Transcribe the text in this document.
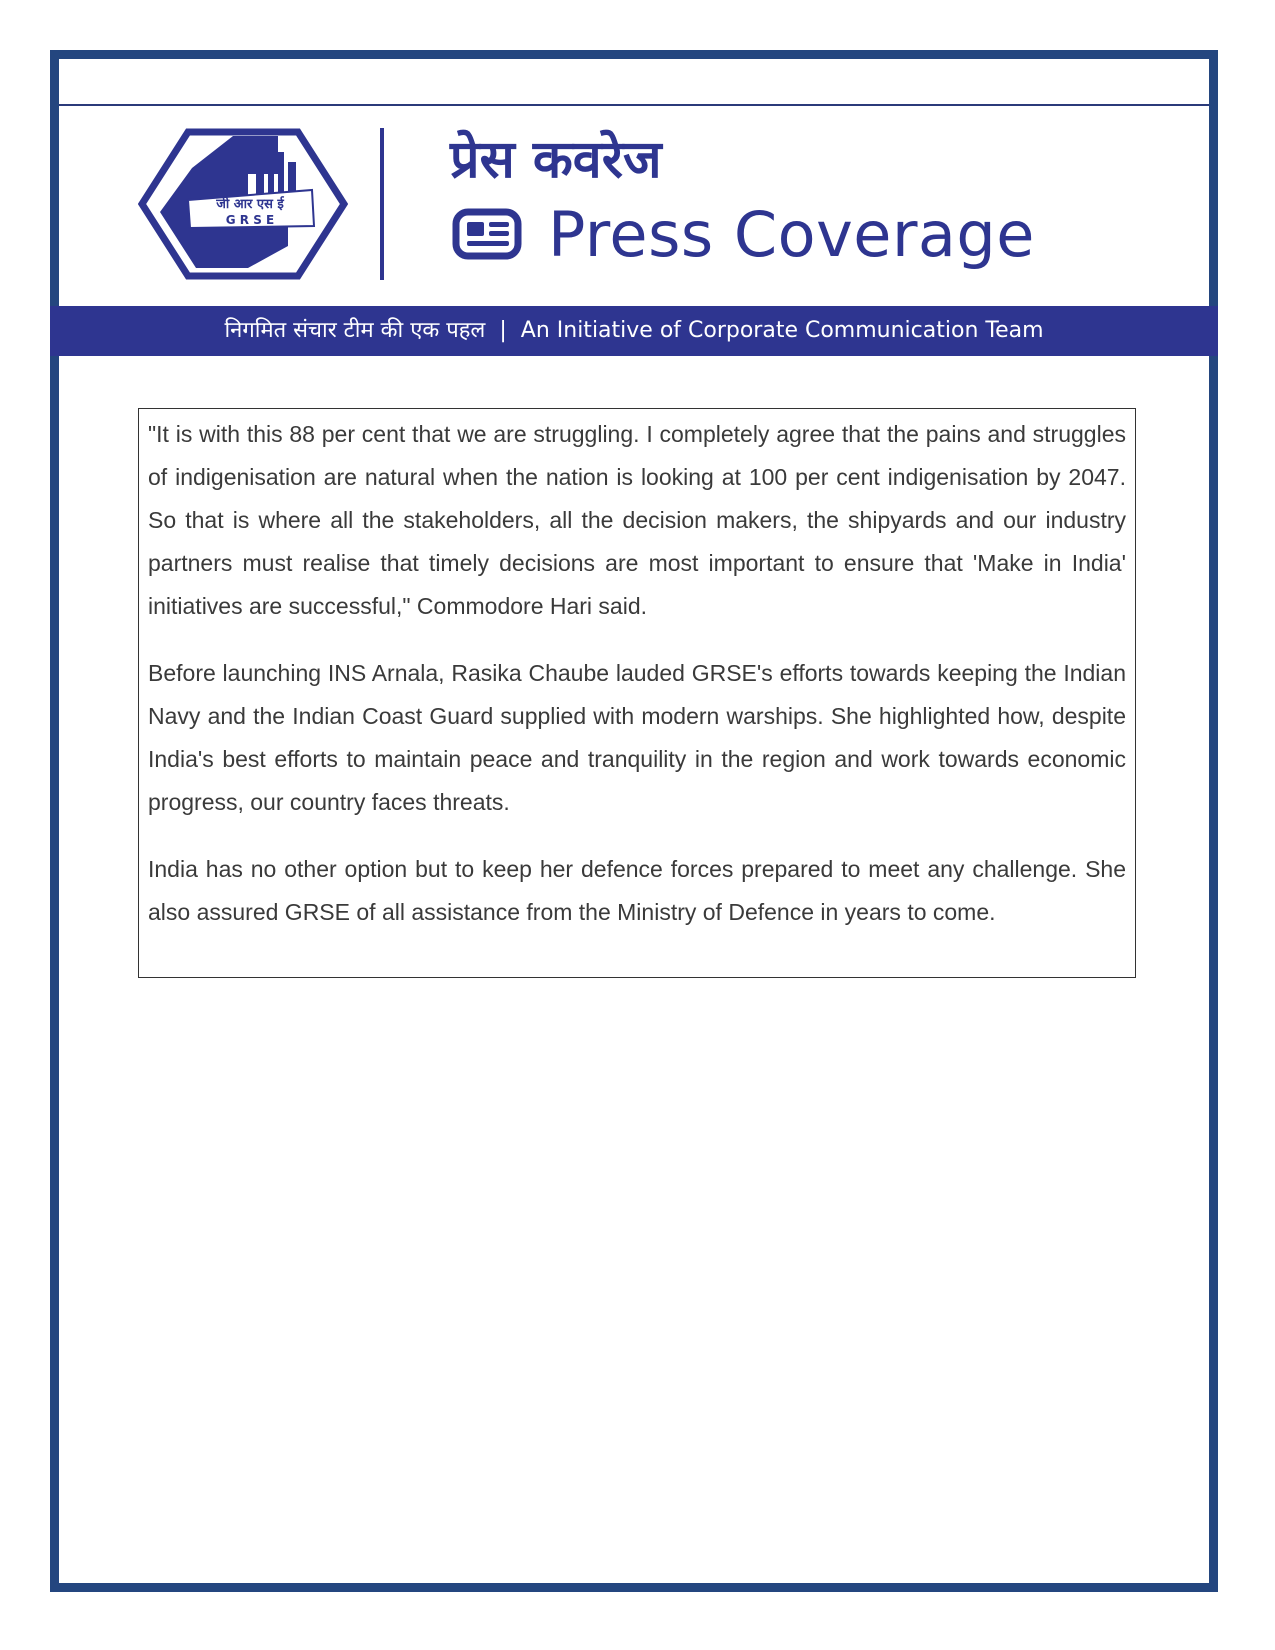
जी आर एस ई
G R S E
प्रेस कवरेज
Press Coverage
निगमित संचार टीम की एक पहल | An Initiative of Corporate Communication Team

"It is with this 88 per cent that we are struggling. I completely agree that the pains and struggles of indigenisation are natural when the nation is looking at 100 per cent indigenisation by 2047. So that is where all the stakeholders, all the decision makers, the shipyards and our industry partners must realise that timely decisions are most important to ensure that 'Make in India' initiatives are successful," Commodore Hari said.

Before launching INS Arnala, Rasika Chaube lauded GRSE's efforts towards keeping the Indian Navy and the Indian Coast Guard supplied with modern warships. She highlighted how, despite India's best efforts to maintain peace and tranquility in the region and work towards economic progress, our country faces threats.

India has no other option but to keep her defence forces prepared to meet any challenge. She also assured GRSE of all assistance from the Ministry of Defence in years to come.
